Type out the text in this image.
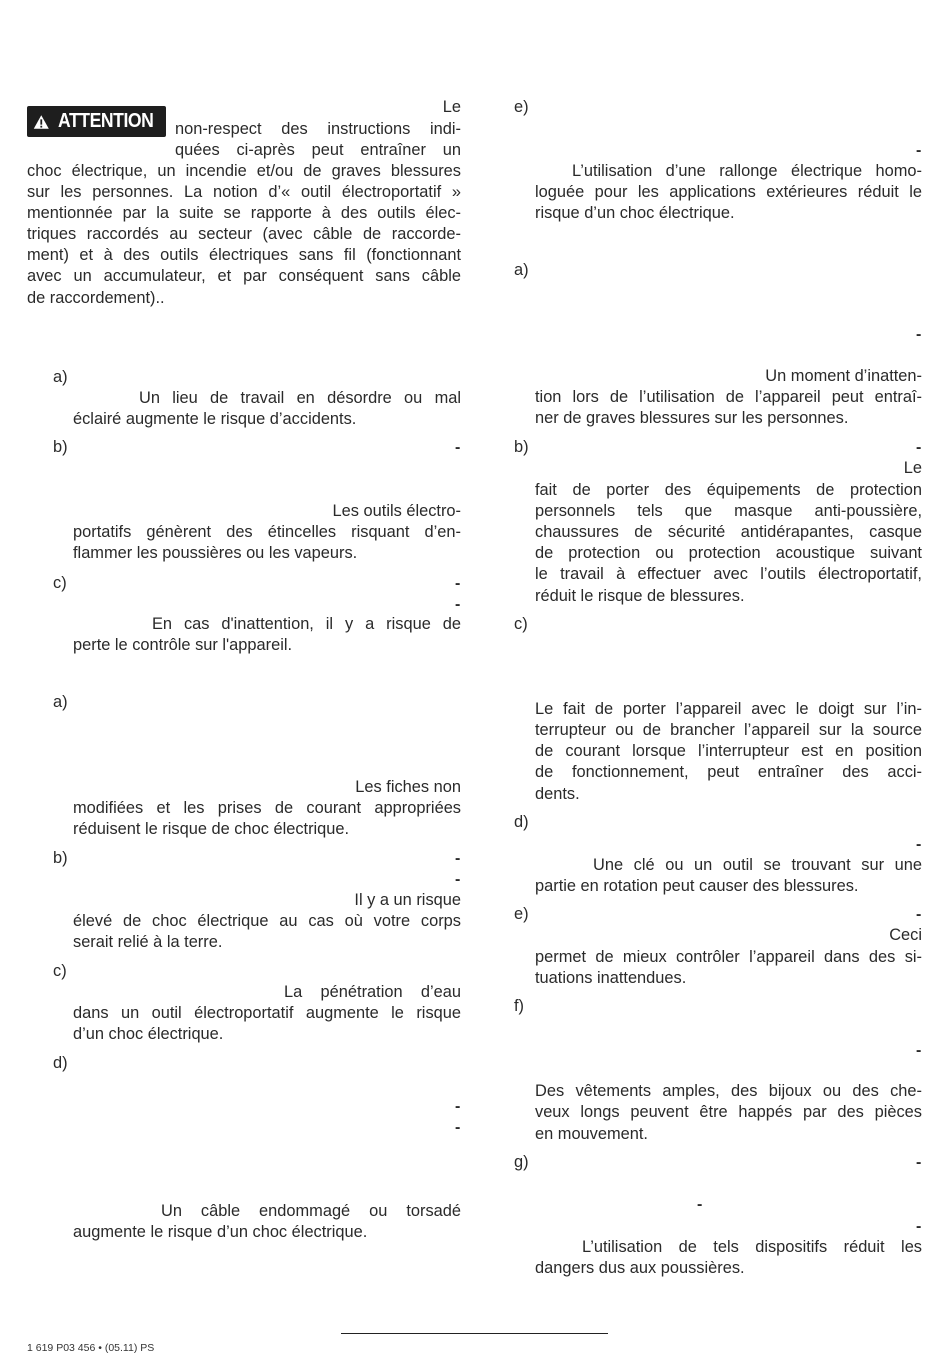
ATTENTION
Le
non-respect des instructions indi-
quées ci-après peut entraîner un
choc électrique, un incendie et/ou de graves blessures
sur les personnes. La notion d’« outil électroportatif »
mentionnée par la suite se rapporte à des outils élec-
triques raccordés au secteur (avec câble de raccorde-
ment) et à des outils électriques sans fil (fonctionnant
avec un accumulateur, et par conséquent sans câble
de raccordement)..
a)
Un lieu de travail en désordre ou mal
éclairé augmente le risque d’accidents.
b)	-
Les outils électro-
portatifs génèrent des étincelles risquant d’en-
flammer les poussières ou les vapeurs.
c)	-
-
En cas d'inattention, il y a risque de
perte le contrôle sur l'appareil.
a)
Les fiches non
modifiées et les prises de courant appropriées
réduisent le risque de choc électrique.
b)	-
-
Il y a un risque
élevé de choc électrique au cas où votre corps
serait relié à la terre.
c)
La pénétration d’eau
dans un outil électroportatif augmente le risque
d’un choc électrique.
d)
-
-
Un câble endommagé ou torsadé
augmente le risque d’un choc électrique.
e)
-
L’utilisation d’une rallonge électrique homo-
loguée pour les applications extérieures réduit le
risque d’un choc électrique.
a)
-
Un moment d’inatten-
tion lors de l’utilisation de l’appareil peut entraî-
ner de graves blessures sur les personnes.
b)	-
Le
fait de porter des équipements de protection
personnels tels que masque anti-poussière,
chaussures de sécurité antidérapantes, casque
de protection ou protection acoustique suivant
le travail à effectuer avec l’outils électroportatif,
réduit le risque de blessures.
c)
Le fait de porter l’appareil avec le doigt sur l’in-
terrupteur ou de brancher l’appareil sur la source
de courant lorsque l’interrupteur est en position
de fonctionnement, peut entraîner des acci-
dents.
d)
-
Une clé ou un outil se trouvant sur une
partie en rotation peut causer des blessures.
e)	-
Ceci
permet de mieux contrôler l’appareil dans des si-
tuations inattendues.
f)
-
Des vêtements amples, des bijoux ou des che-
veux longs peuvent être happés par des pièces
en mouvement.
g)	-
-
-
L’utilisation de tels dispositifs réduit les
dangers dus aux poussières.
1 619 P03 456 • (05.11) PS
